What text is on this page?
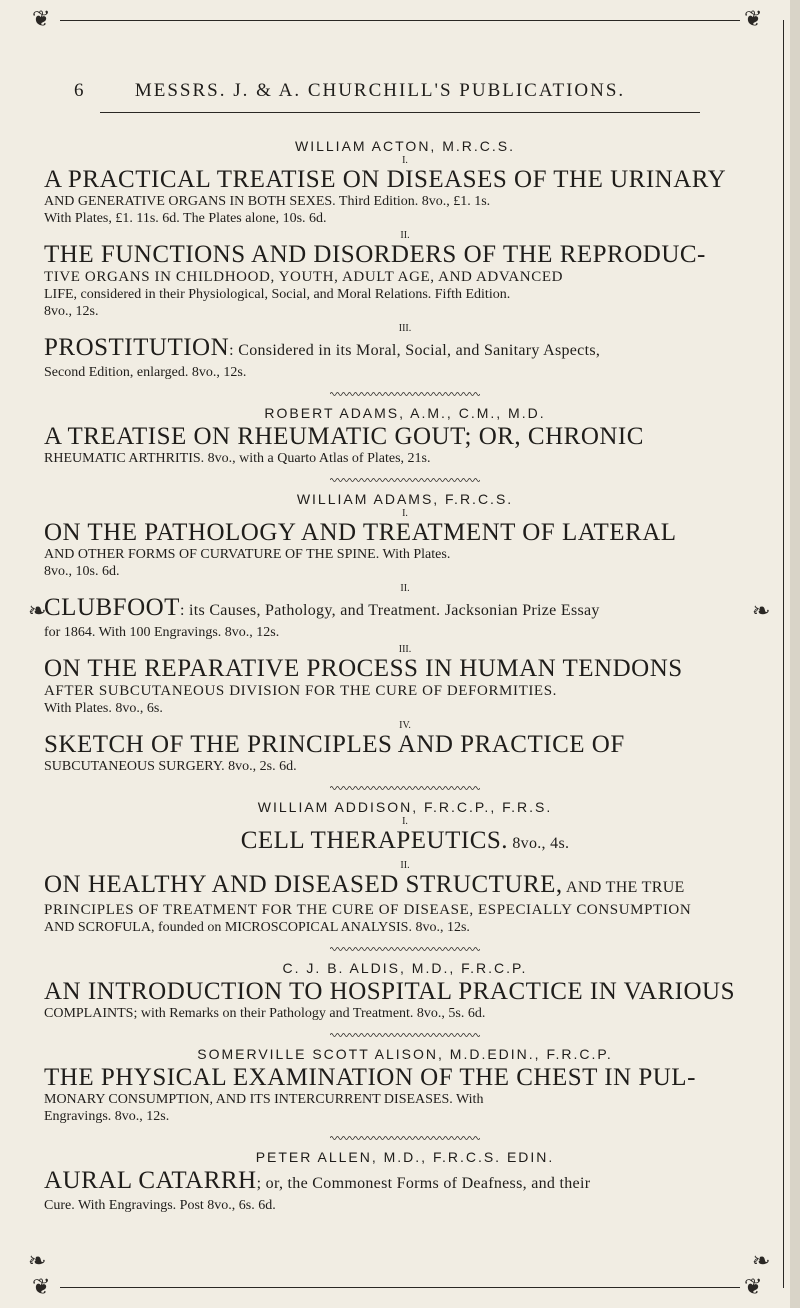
❦	❦
❦	❦
❧
❧
❧
❧
6	MESSRS. J. & A. CHURCHILL'S PUBLICATIONS.
WILLIAM ACTON, M.R.C.S.
I.
A PRACTICAL TREATISE ON DISEASES OF THE URINARY
AND GENERATIVE ORGANS IN BOTH SEXES. Third Edition. 8vo., £1. 1s.
With Plates, £1. 11s. 6d. The Plates alone, 10s. 6d.
II.
THE FUNCTIONS AND DISORDERS OF THE REPRODUC-
TIVE ORGANS IN CHILDHOOD, YOUTH, ADULT AGE, AND ADVANCED
LIFE, considered in their Physiological, Social, and Moral Relations. Fifth Edition.
8vo., 12s.
III.
PROSTITUTION: Considered in its Moral, Social, and Sanitary Aspects,
Second Edition, enlarged. 8vo., 12s.
ROBERT ADAMS, A.M., C.M., M.D.
A TREATISE ON RHEUMATIC GOUT; OR, CHRONIC
RHEUMATIC ARTHRITIS. 8vo., with a Quarto Atlas of Plates, 21s.
WILLIAM ADAMS, F.R.C.S.
I.
ON THE PATHOLOGY AND TREATMENT OF LATERAL
AND OTHER FORMS OF CURVATURE OF THE SPINE. With Plates.
8vo., 10s. 6d.
II.
CLUBFOOT: its Causes, Pathology, and Treatment. Jacksonian Prize Essay
for 1864. With 100 Engravings. 8vo., 12s.
III.
ON THE REPARATIVE PROCESS IN HUMAN TENDONS
AFTER SUBCUTANEOUS DIVISION FOR THE CURE OF DEFORMITIES.
With Plates. 8vo., 6s.
IV.
SKETCH OF THE PRINCIPLES AND PRACTICE OF
SUBCUTANEOUS SURGERY. 8vo., 2s. 6d.
WILLIAM ADDISON, F.R.C.P., F.R.S.
I.
CELL THERAPEUTICS. 8vo., 4s.
II.
ON HEALTHY AND DISEASED STRUCTURE, AND THE TRUE
PRINCIPLES OF TREATMENT FOR THE CURE OF DISEASE, ESPECIALLY CONSUMPTION
AND SCROFULA, founded on MICROSCOPICAL ANALYSIS. 8vo., 12s.
C. J. B. ALDIS, M.D., F.R.C.P.
AN INTRODUCTION TO HOSPITAL PRACTICE IN VARIOUS
COMPLAINTS; with Remarks on their Pathology and Treatment. 8vo., 5s. 6d.
SOMERVILLE SCOTT ALISON, M.D.EDIN., F.R.C.P.
THE PHYSICAL EXAMINATION OF THE CHEST IN PUL-
MONARY CONSUMPTION, AND ITS INTERCURRENT DISEASES. With
Engravings. 8vo., 12s.
PETER ALLEN, M.D., F.R.C.S. EDIN.
AURAL CATARRH; or, the Commonest Forms of Deafness, and their
Cure. With Engravings. Post 8vo., 6s. 6d.
